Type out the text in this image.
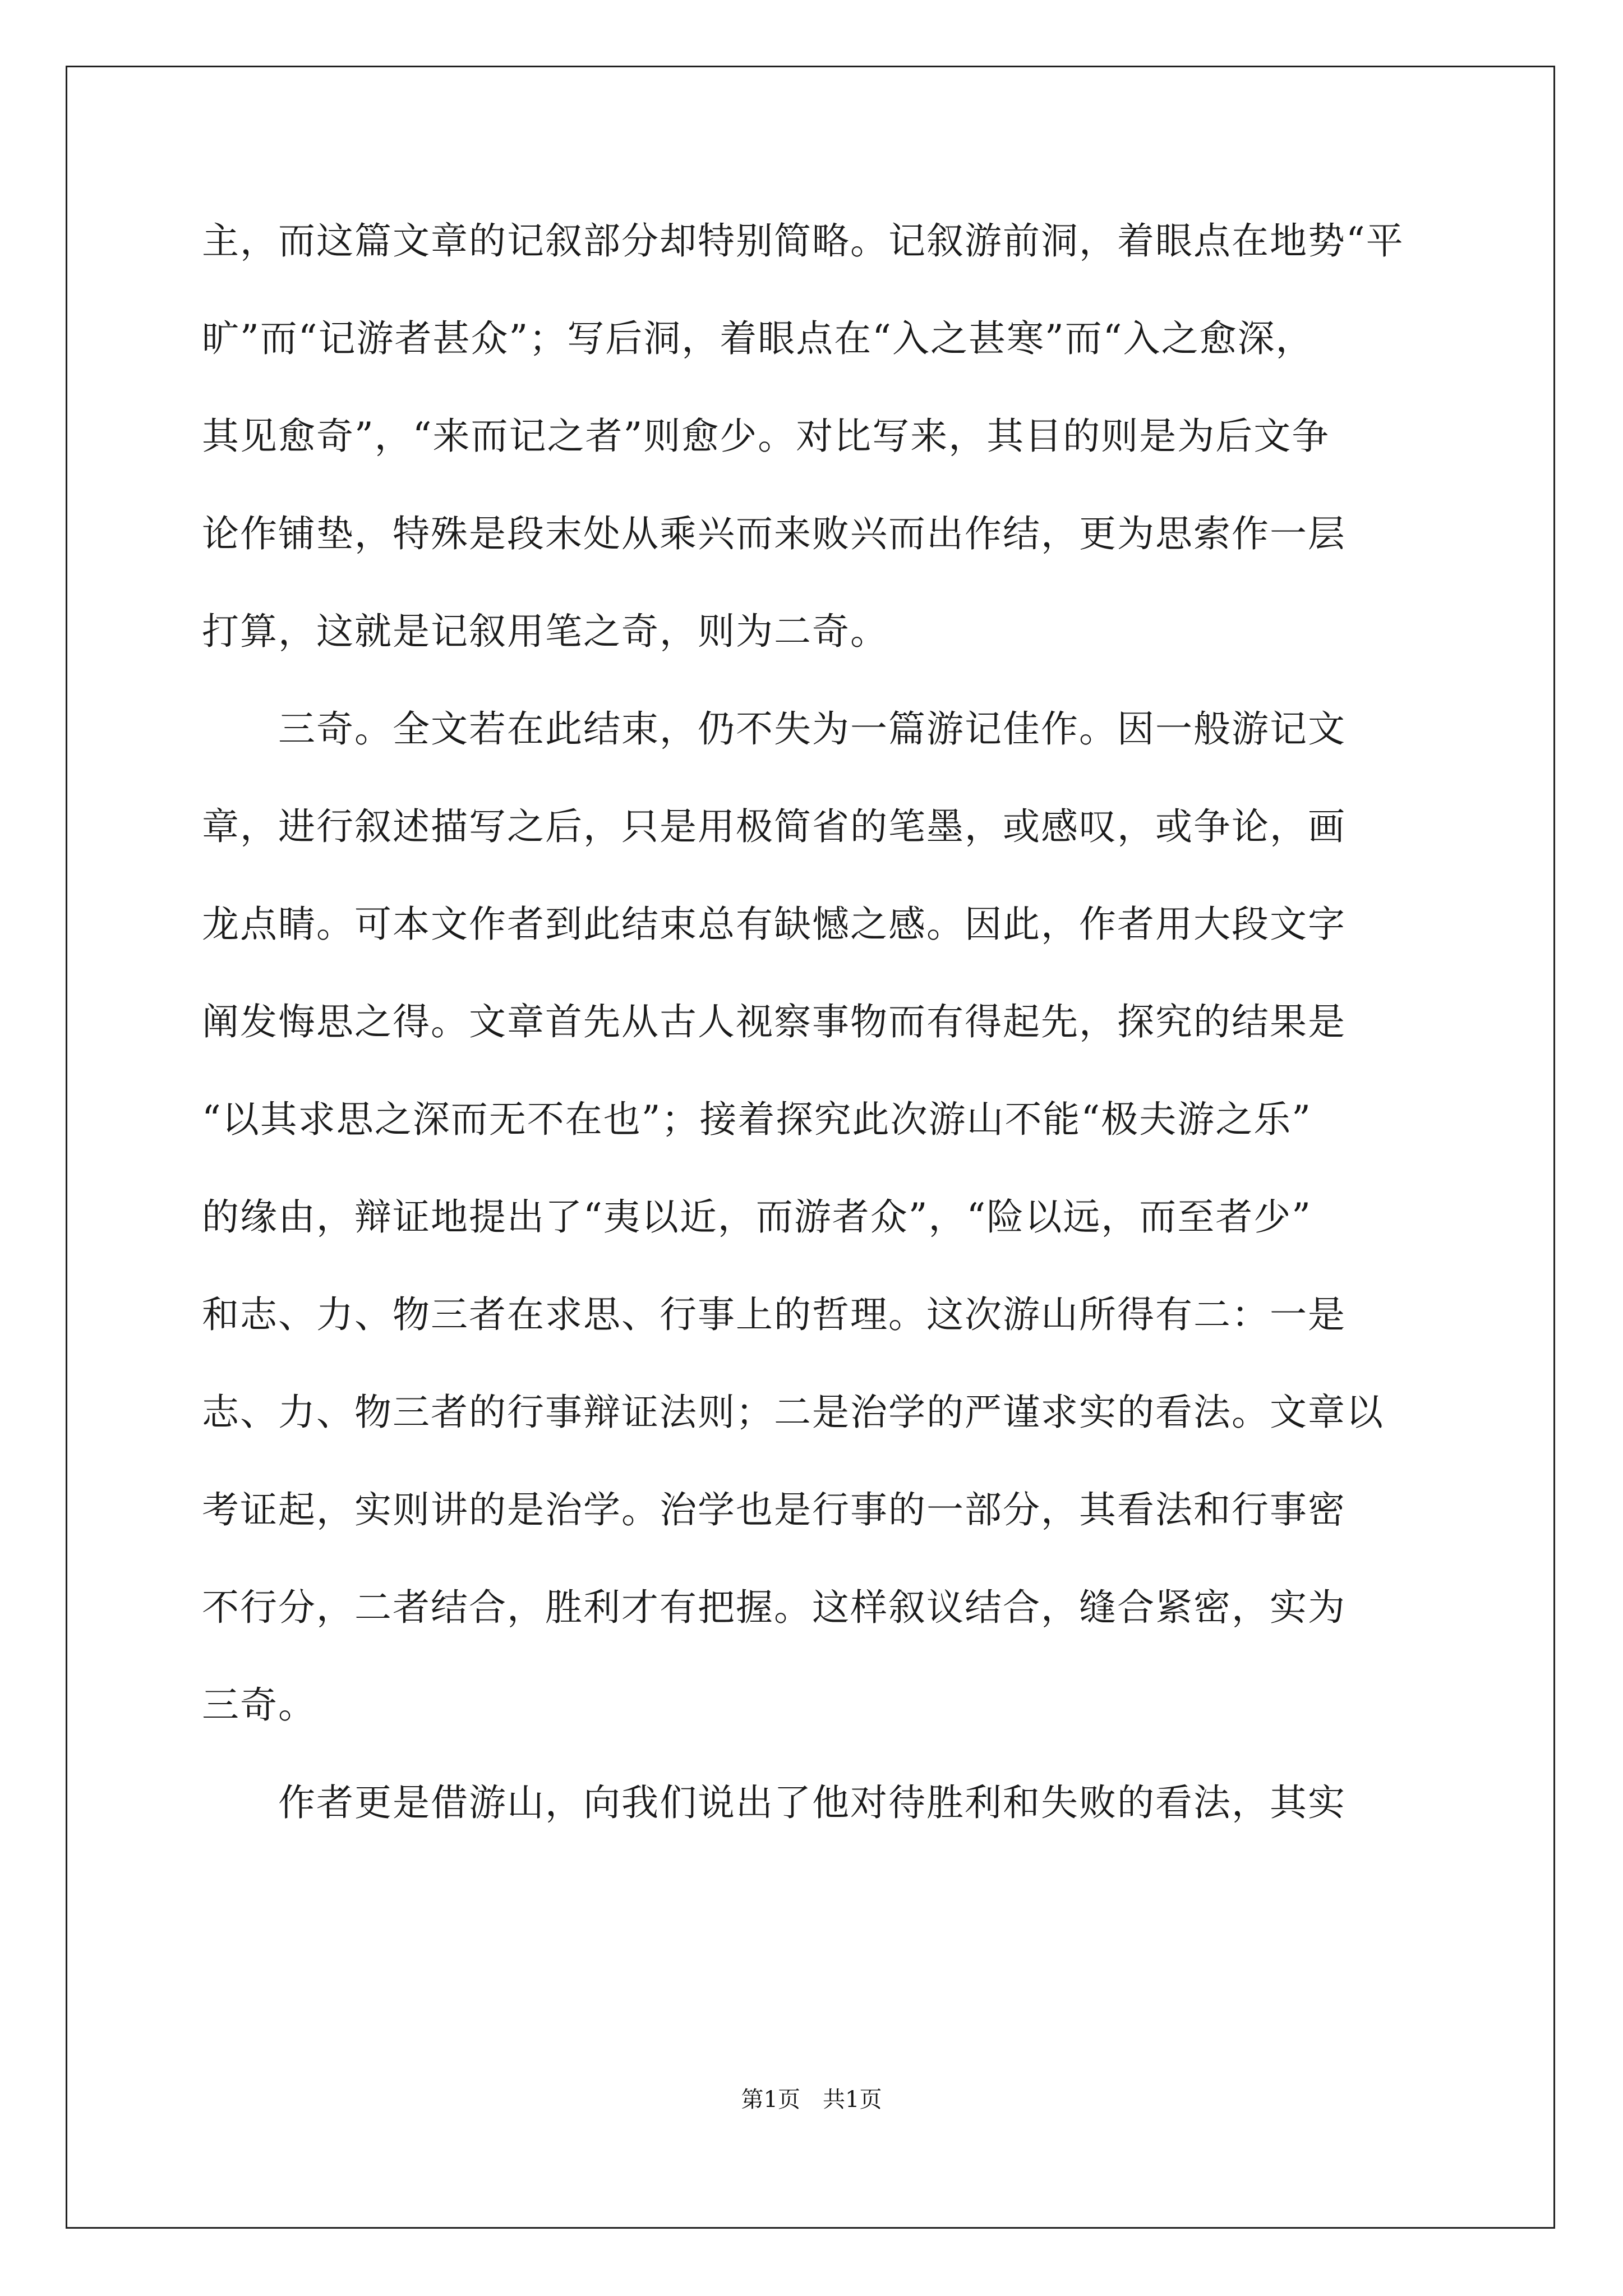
主，而这篇文章的记叙部分却特别简略。记叙游前洞，着眼点在地势“平
旷”而“记游者甚众”；写后洞，着眼点在“入之甚寒”而“入之愈深，
其见愈奇”，“来而记之者”则愈少。对比写来，其目的则是为后文争
论作铺垫，特殊是段末处从乘兴而来败兴而出作结，更为思索作一层
打算，这就是记叙用笔之奇，则为二奇。
　　三奇。全文若在此结束，仍不失为一篇游记佳作。因一般游记文
章，进行叙述描写之后，只是用极简省的笔墨，或感叹，或争论，画
龙点睛。可本文作者到此结束总有缺憾之感。因此，作者用大段文字
阐发悔思之得。文章首先从古人视察事物而有得起先，探究的结果是
“以其求思之深而无不在也”；接着探究此次游山不能“极夫游之乐”
的缘由，辩证地提出了“夷以近，而游者众”，“险以远，而至者少”
和志、力、物三者在求思、行事上的哲理。这次游山所得有二：一是
志、力、物三者的行事辩证法则；二是治学的严谨求实的看法。文章以
考证起，实则讲的是治学。治学也是行事的一部分，其看法和行事密
不行分，二者结合，胜利才有把握。这样叙议结合，缝合紧密，实为
三奇。
　　作者更是借游山，向我们说出了他对待胜利和失败的看法，其实
第1页　共1页
